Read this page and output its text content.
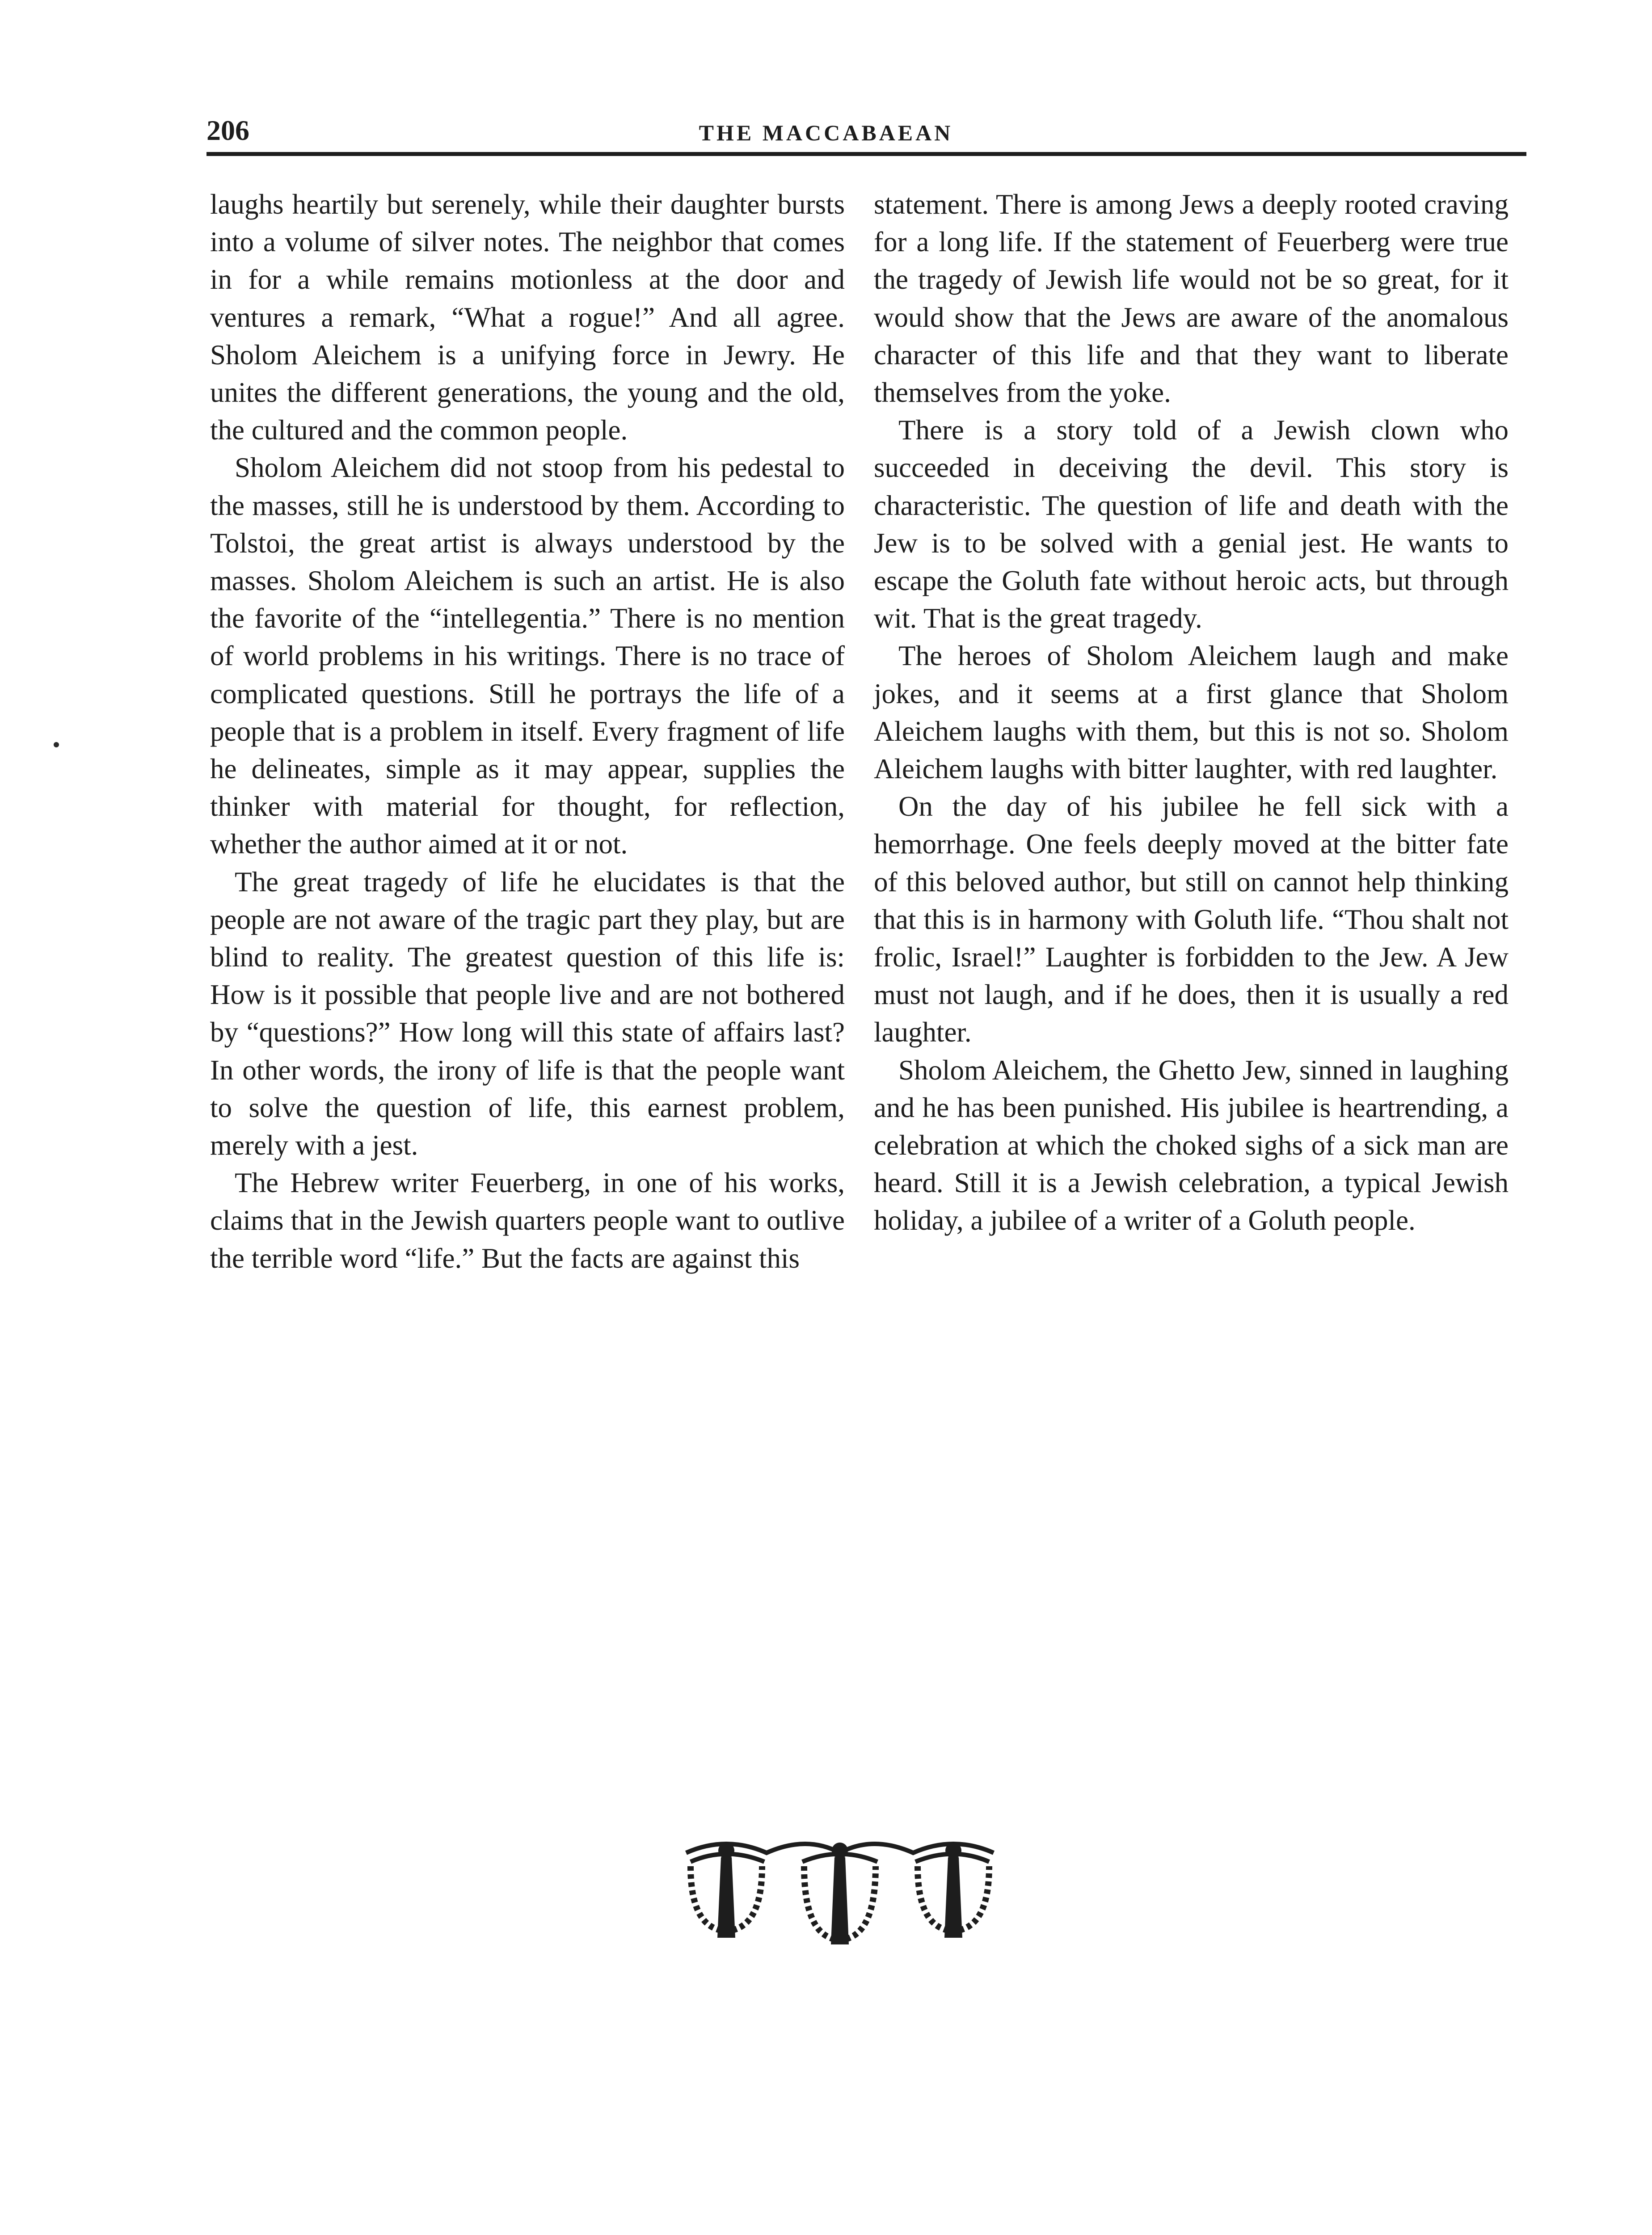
206	THE MACCABAEAN

laughs heartily but serenely, while their daughter bursts into a volume of silver notes. The neighbor that comes in for a while remains motionless at the door and ventures a remark, “What a rogue!” And all agree. Sholom Aleichem is a unifying force in Jewry. He unites the different generations, the young and the old, the cultured and the common people.

Sholom Aleichem did not stoop from his pedestal to the masses, still he is understood by them. According to Tolstoi, the great artist is always understood by the masses. Sholom Aleichem is such an artist. He is also the favorite of the “intellegentia.” There is no mention of world problems in his writings. There is no trace of complicated questions. Still he portrays the life of a people that is a problem in itself. Every fragment of life he delineates, simple as it may appear, supplies the thinker with material for thought, for reflection, whether the author aimed at it or not.

The great tragedy of life he elucidates is that the people are not aware of the tragic part they play, but are blind to reality. The greatest question of this life is: How is it possible that people live and are not bothered by “questions?” How long will this state of affairs last? In other words, the irony of life is that the people want to solve the question of life, this earnest problem, merely with a jest.

The Hebrew writer Feuerberg, in one of his works, claims that in the Jewish quarters people want to outlive the terrible word “life.” But the facts are against this

statement. There is among Jews a deeply rooted craving for a long life. If the statement of Feuerberg were true the tragedy of Jewish life would not be so great, for it would show that the Jews are aware of the anomalous character of this life and that they want to liberate themselves from the yoke.

There is a story told of a Jewish clown who succeeded in deceiving the devil. This story is characteristic. The question of life and death with the Jew is to be solved with a genial jest. He wants to escape the Goluth fate without heroic acts, but through wit. That is the great tragedy.

The heroes of Sholom Aleichem laugh and make jokes, and it seems at a first glance that Sholom Aleichem laughs with them, but this is not so. Sholom Aleichem laughs with bitter laughter, with red laughter.

On the day of his jubilee he fell sick with a hemorrhage. One feels deeply moved at the bitter fate of this beloved author, but still on cannot help thinking that this is in harmony with Goluth life. “Thou shalt not frolic, Israel!” Laughter is forbidden to the Jew. A Jew must not laugh, and if he does, then it is usually a red laughter.

Sholom Aleichem, the Ghetto Jew, sinned in laughing and he has been punished. His jubilee is heartrending, a celebration at which the choked sighs of a sick man are heard. Still it is a Jewish celebration, a typical Jewish holiday, a jubilee of a writer of a Goluth people.
